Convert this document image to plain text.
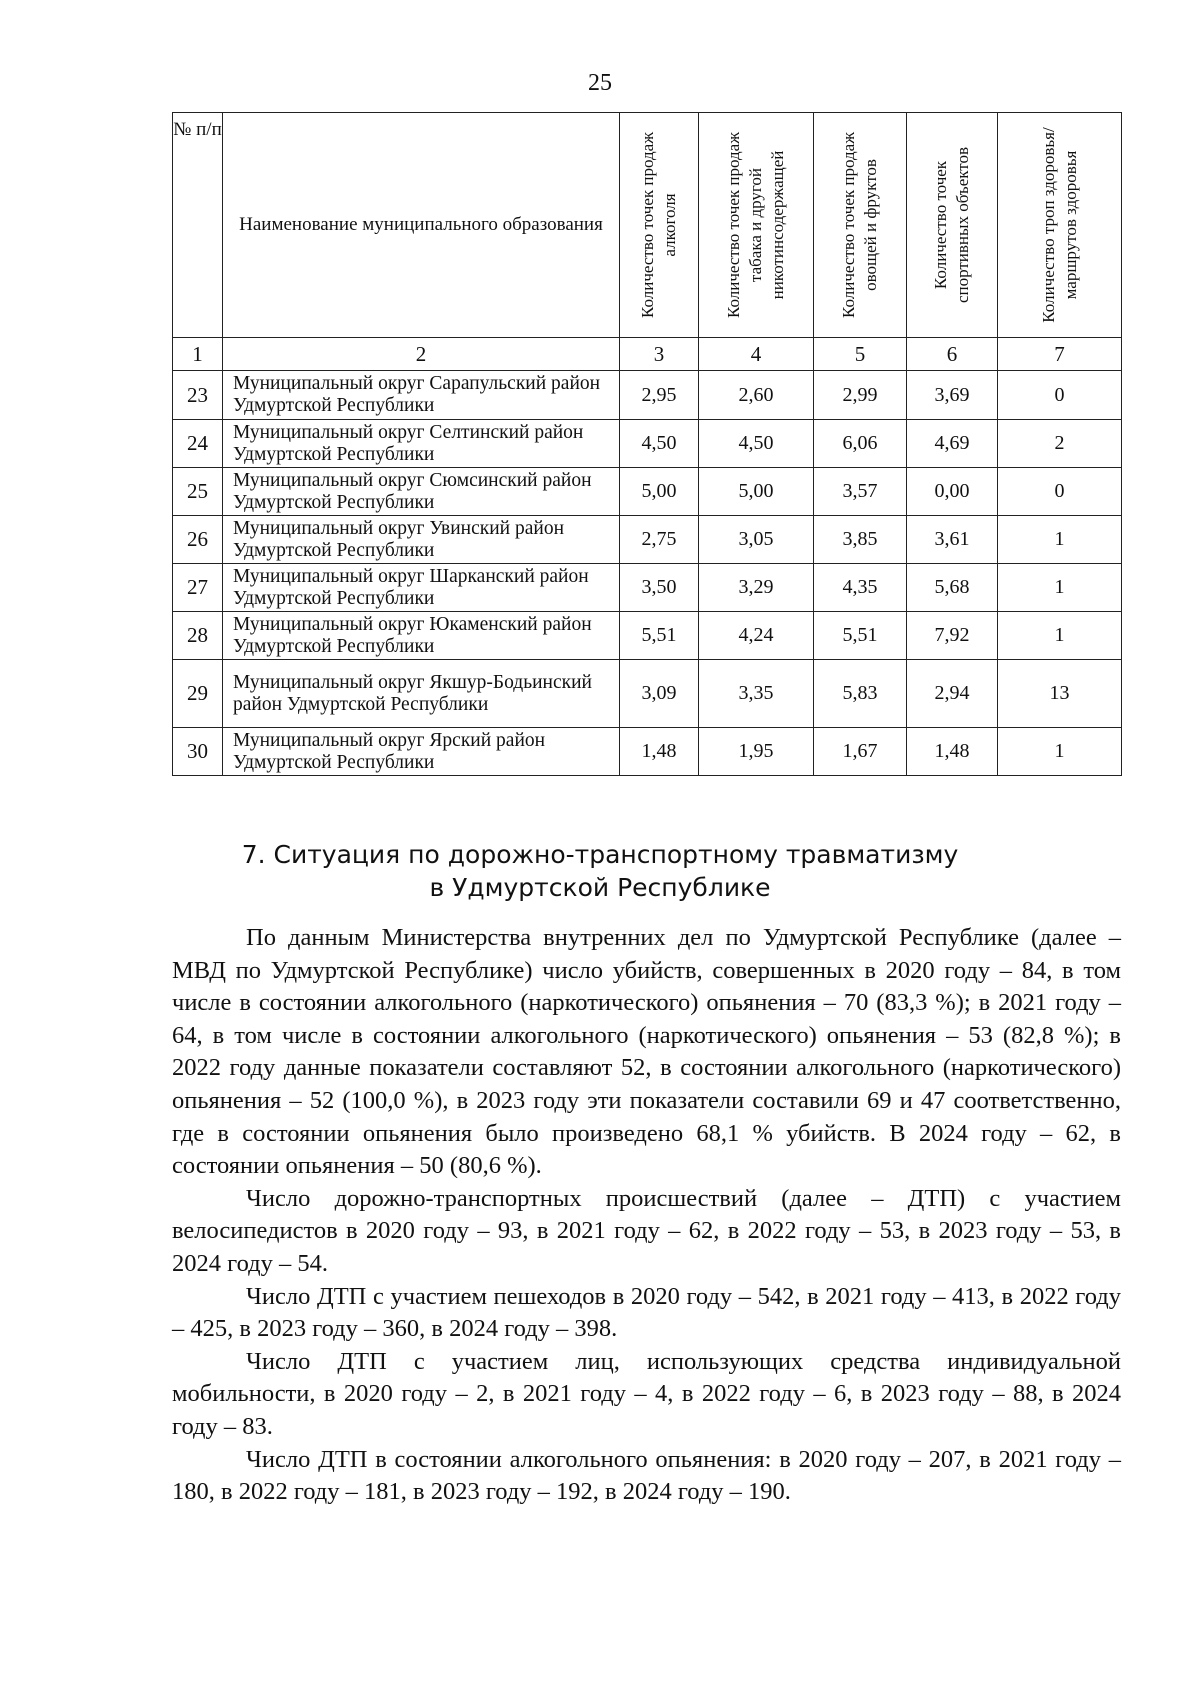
25
№ п/п	Наименование муниципального образования	Количество точек продаж алкоголя	Количество точек продаж табака и другой никотинсодержащей	Количество точек продаж овощей и фруктов	Количество точек спортивных объектов	Количество троп здоровья/маршрутов здоровья

1	2	3	4	5	6	7
23	Муниципальный округ Сарапульский район Удмуртской Республики	2,95	2,60	2,99	3,69	0
24	Муниципальный округ Селтинский район Удмуртской Республики	4,50	4,50	6,06	4,69	2
25	Муниципальный округ Сюмсинский район Удмуртской Республики	5,00	5,00	3,57	0,00	0
26	Муниципальный округ Увинский район Удмуртской Республики	2,75	3,05	3,85	3,61	1
27	Муниципальный округ Шарканский район Удмуртской Республики	3,50	3,29	4,35	5,68	1
28	Муниципальный округ Юкаменский район Удмуртской Республики	5,51	4,24	5,51	7,92	1
29	Муниципальный округ Якшур-Бодьинский район Удмуртской Республики	3,09	3,35	5,83	2,94	13
30	Муниципальный округ Ярский район Удмуртской Республики	1,48	1,95	1,67	1,48	1
7. Ситуация по дорожно-транспортному травматизму
в Удмуртской Республике

По данным Министерства внутренних дел по Удмуртской Республике (далее – МВД по Удмуртской Республике) число убийств, совершенных в 2020 году – 84, в том числе в состоянии алкогольного (наркотического) опьянения – 70 (83,3 %); в 2021 году – 64, в том числе в состоянии алкогольного (наркотического) опьянения – 53 (82,8 %); в 2022 году данные показатели составляют 52, в состоянии алкогольного (наркотического) опьянения – 52 (100,0 %), в 2023 году эти показатели составили 69 и 47 соответственно, где в состоянии опьянения было произведено 68,1 % убийств. В 2024 году – 62, в состоянии опьянения – 50 (80,6 %).

Число дорожно-транспортных происшествий (далее – ДТП) с участием велосипедистов в 2020 году – 93, в 2021 году – 62, в 2022 году – 53, в 2023 году – 53, в 2024 году – 54.

Число ДТП с участием пешеходов в 2020 году – 542, в 2021 году – 413, в 2022 году – 425, в 2023 году – 360, в 2024 году – 398.

Число ДТП с участием лиц, использующих средства индивидуальной мобильности, в 2020 году – 2, в 2021 году – 4, в 2022 году – 6, в 2023 году – 88, в 2024 году – 83.

Число ДТП в состоянии алкогольного опьянения: в 2020 году – 207, в 2021 году – 180, в 2022 году – 181, в 2023 году – 192, в 2024 году – 190.
